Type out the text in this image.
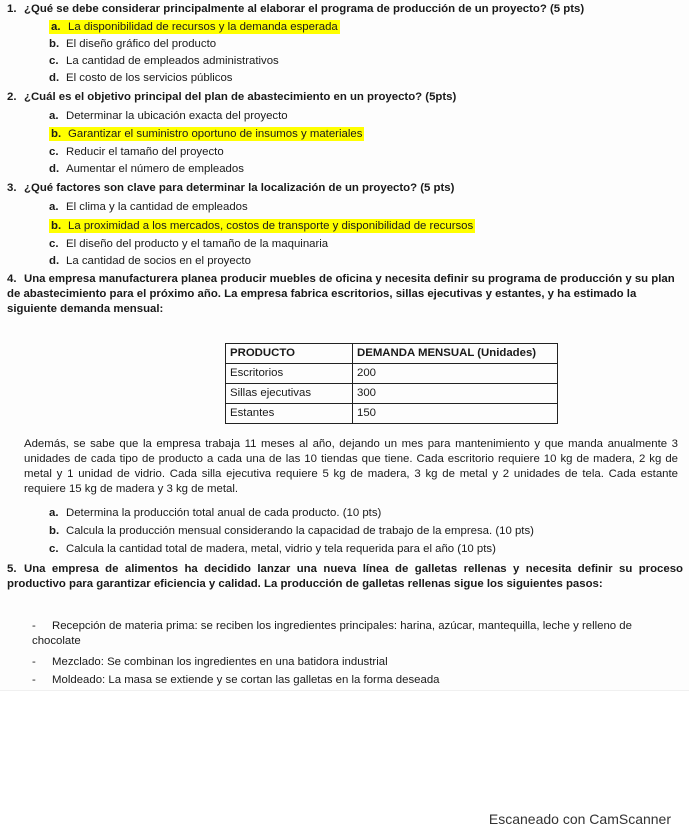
1. ¿Qué se debe considerar principalmente al elaborar el programa de producción de un proyecto? (5 pts)
a. La disponibilidad de recursos y la demanda esperada
b. El diseño gráfico del producto
c. La cantidad de empleados administrativos
d. El costo de los servicios públicos
2. ¿Cuál es el objetivo principal del plan de abastecimiento en un proyecto? (5pts)
a. Determinar la ubicación exacta del proyecto
b. Garantizar el suministro oportuno de insumos y materiales
c. Reducir el tamaño del proyecto
d. Aumentar el número de empleados
3. ¿Qué factores son clave para determinar la localización de un proyecto? (5 pts)
a. El clima y la cantidad de empleados
b. La proximidad a los mercados, costos de transporte y disponibilidad de recursos
c. El diseño del producto y el tamaño de la maquinaria
d. La cantidad de socios en el proyecto
4. Una empresa manufacturera planea producir muebles de oficina y necesita definir su programa de producción y su plan de abastecimiento para el próximo año. La empresa fabrica escritorios, sillas ejecutivas y estantes, y ha estimado la siguiente demanda mensual:
PRODUCTO	DEMANDA MENSUAL (Unidades)
Escritorios	200
Sillas ejecutivas	300
Estantes	150
Además, se sabe que la empresa trabaja 11 meses al año, dejando un mes para mantenimiento y que manda anualmente 3 unidades de cada tipo de producto a cada una de las 10 tiendas que tiene. Cada escritorio requiere 10 kg de madera, 2 kg de metal y 1 unidad de vidrio. Cada silla ejecutiva requiere 5 kg de madera, 3 kg de metal y 2 unidades de tela. Cada estante requiere 15 kg de madera y 3 kg de metal.
a. Determina la producción total anual de cada producto. (10 pts)
b. Calcula la producción mensual considerando la capacidad de trabajo de la empresa. (10 pts)
c. Calcula la cantidad total de madera, metal, vidrio y tela requerida para el año (10 pts)
5. Una empresa de alimentos ha decidido lanzar una nueva línea de galletas rellenas y necesita definir su proceso productivo para garantizar eficiencia y calidad. La producción de galletas rellenas sigue los siguientes pasos:
- Recepción de materia prima: se reciben los ingredientes principales: harina, azúcar, mantequilla, leche y relleno de chocolate
- Mezclado: Se combinan los ingredientes en una batidora industrial
- Moldeado: La masa se extiende y se cortan las galletas en la forma deseada
Escaneado con CamScanner
